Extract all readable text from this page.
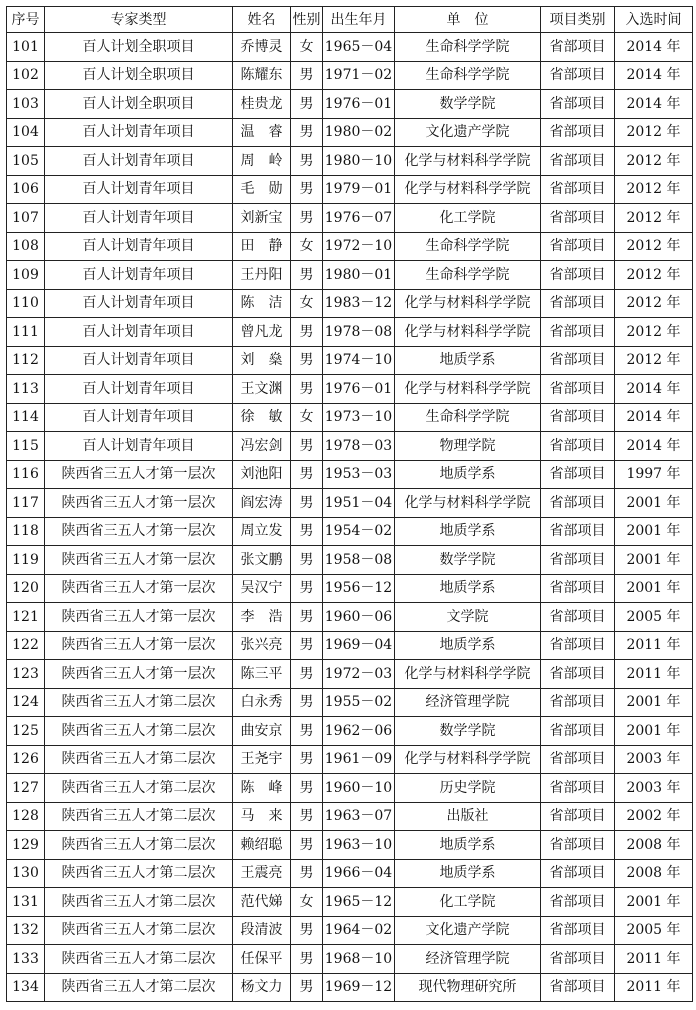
序号	专家类型	姓名	性别	出生年月	单　位	项目类别	入选时间
101	百人计划全职项目	乔博灵	女	1965－04	生命科学学院	省部项目	2014 年
102	百人计划全职项目	陈耀东	男	1971－02	生命科学学院	省部项目	2014 年
103	百人计划全职项目	桂贵龙	男	1976－01	数学学院	省部项目	2014 年
104	百人计划青年项目	温　睿	男	1980－02	文化遗产学院	省部项目	2012 年
105	百人计划青年项目	周　岭	男	1980－10	化学与材料科学学院	省部项目	2012 年
106	百人计划青年项目	毛　勋	男	1979－01	化学与材料科学学院	省部项目	2012 年
107	百人计划青年项目	刘新宝	男	1976－07	化工学院	省部项目	2012 年
108	百人计划青年项目	田　静	女	1972－10	生命科学学院	省部项目	2012 年
109	百人计划青年项目	王丹阳	男	1980－01	生命科学学院	省部项目	2012 年
110	百人计划青年项目	陈　洁	女	1983－12	化学与材料科学学院	省部项目	2012 年
111	百人计划青年项目	曾凡龙	男	1978－08	化学与材料科学学院	省部项目	2012 年
112	百人计划青年项目	刘　燊	男	1974－10	地质学系	省部项目	2012 年
113	百人计划青年项目	王文渊	男	1976－01	化学与材料科学学院	省部项目	2014 年
114	百人计划青年项目	徐　敏	女	1973－10	生命科学学院	省部项目	2014 年
115	百人计划青年项目	冯宏剑	男	1978－03	物理学院	省部项目	2014 年
116	陕西省三五人才第一层次	刘池阳	男	1953－03	地质学系	省部项目	1997 年
117	陕西省三五人才第一层次	阎宏涛	男	1951－04	化学与材料科学学院	省部项目	2001 年
118	陕西省三五人才第一层次	周立发	男	1954－02	地质学系	省部项目	2001 年
119	陕西省三五人才第一层次	张文鹏	男	1958－08	数学学院	省部项目	2001 年
120	陕西省三五人才第一层次	吴汉宁	男	1956－12	地质学系	省部项目	2001 年
121	陕西省三五人才第一层次	李　浩	男	1960－06	文学院	省部项目	2005 年
122	陕西省三五人才第一层次	张兴亮	男	1969－04	地质学系	省部项目	2011 年
123	陕西省三五人才第一层次	陈三平	男	1972－03	化学与材料科学学院	省部项目	2011 年
124	陕西省三五人才第二层次	白永秀	男	1955－02	经济管理学院	省部项目	2001 年
125	陕西省三五人才第二层次	曲安京	男	1962－06	数学学院	省部项目	2001 年
126	陕西省三五人才第二层次	王尧宇	男	1961－09	化学与材料科学学院	省部项目	2003 年
127	陕西省三五人才第二层次	陈　峰	男	1960－10	历史学院	省部项目	2003 年
128	陕西省三五人才第二层次	马　来	男	1963－07	出版社	省部项目	2002 年
129	陕西省三五人才第二层次	赖绍聪	男	1963－10	地质学系	省部项目	2008 年
130	陕西省三五人才第二层次	王震亮	男	1966－04	地质学系	省部项目	2008 年
131	陕西省三五人才第二层次	范代娣	女	1965－12	化工学院	省部项目	2001 年
132	陕西省三五人才第二层次	段清波	男	1964－02	文化遗产学院	省部项目	2005 年
133	陕西省三五人才第二层次	任保平	男	1968－10	经济管理学院	省部项目	2011 年
134	陕西省三五人才第二层次	杨文力	男	1969－12	现代物理研究所	省部项目	2011 年
